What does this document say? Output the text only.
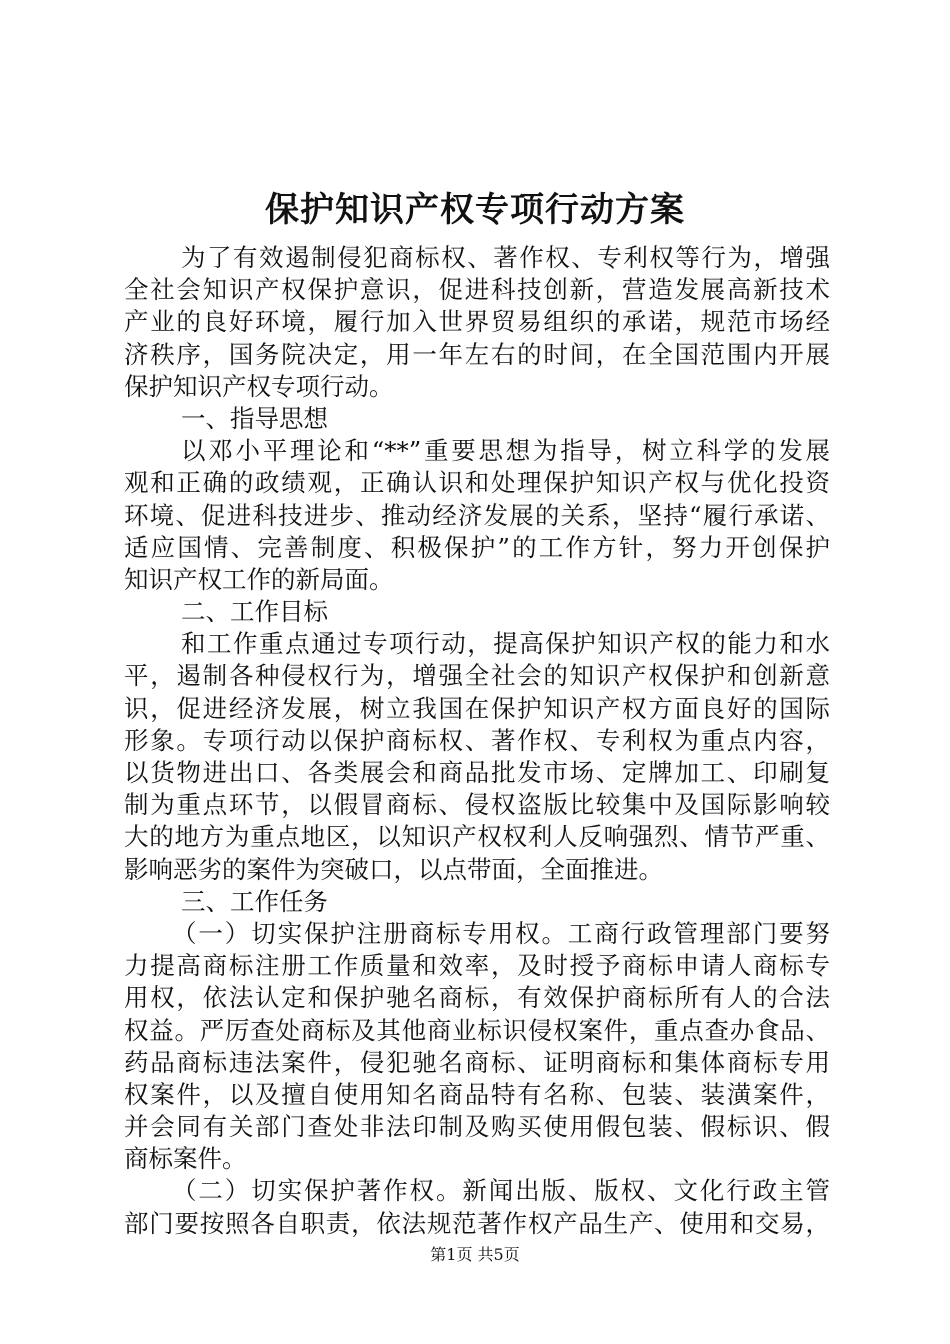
保护知识产权专项行动方案
为了有效遏制侵犯商标权、著作权、专利权等行为，增强
全社会知识产权保护意识，促进科技创新，营造发展高新技术
产业的良好环境，履行加入世界贸易组织的承诺，规范市场经
济秩序，国务院决定，用一年左右的时间，在全国范围内开展
保护知识产权专项行动。
一、指导思想
以邓小平理论和“**”重要思想为指导，树立科学的发展
观和正确的政绩观，正确认识和处理保护知识产权与优化投资
环境、促进科技进步、推动经济发展的关系，坚持“履行承诺、
适应国情、完善制度、积极保护”的工作方针，努力开创保护
知识产权工作的新局面。
二、工作目标
和工作重点通过专项行动，提高保护知识产权的能力和水
平，遏制各种侵权行为，增强全社会的知识产权保护和创新意
识，促进经济发展，树立我国在保护知识产权方面良好的国际
形象。专项行动以保护商标权、著作权、专利权为重点内容，
以货物进出口、各类展会和商品批发市场、定牌加工、印刷复
制为重点环节，以假冒商标、侵权盗版比较集中及国际影响较
大的地方为重点地区，以知识产权权利人反响强烈、情节严重、
影响恶劣的案件为突破口，以点带面，全面推进。
三、工作任务
（一）切实保护注册商标专用权。工商行政管理部门要努
力提高商标注册工作质量和效率，及时授予商标申请人商标专
用权，依法认定和保护驰名商标，有效保护商标所有人的合法
权益。严厉查处商标及其他商业标识侵权案件，重点查办食品、
药品商标违法案件，侵犯驰名商标、证明商标和集体商标专用
权案件，以及擅自使用知名商品特有名称、包装、装潢案件，
并会同有关部门查处非法印制及购买使用假包装、假标识、假
商标案件。
（二）切实保护著作权。新闻出版、版权、文化行政主管
部门要按照各自职责，依法规范著作权产品生产、使用和交易，
第1页 共5页
